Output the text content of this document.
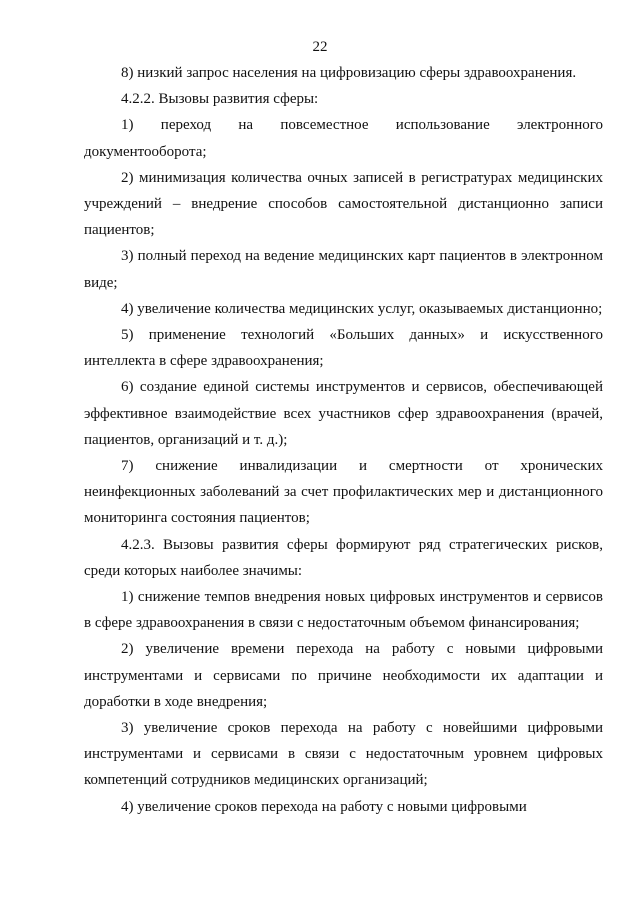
22

8) низкий запрос населения на цифровизацию сферы здравоохранения.

4.2.2. Вызовы развития сферы:

1) переход на повсеместное использование электронного документооборота;

2) минимизация количества очных записей в регистратурах медицинских учреждений – внедрение способов самостоятельной дистанционно записи пациентов;

3) полный переход на ведение медицинских карт пациентов в электронном виде;

4) увеличение количества медицинских услуг, оказываемых дистанционно;

5) применение технологий «Больших данных» и искусственного интеллекта в сфере здравоохранения;

6) создание единой системы инструментов и сервисов, обеспечивающей эффективное взаимодействие всех участников сфер здравоохранения (врачей, пациентов, организаций и т. д.);

7) снижение инвалидизации и смертности от хронических неинфекционных заболеваний за счет профилактических мер и дистанционного мониторинга состояния пациентов;

4.2.3. Вызовы развития сферы формируют ряд стратегических рисков, среди которых наиболее значимы:

1) снижение темпов внедрения новых цифровых инструментов и сервисов в сфере здравоохранения в связи с недостаточным объемом финансирования;

2) увеличение времени перехода на работу с новыми цифровыми инструментами и сервисами по причине необходимости их адаптации и доработки в ходе внедрения;

3) увеличение сроков перехода на работу с новейшими цифровыми инструментами и сервисами в связи с недостаточным уровнем цифровых компетенций сотрудников медицинских организаций;

4) увеличение сроков перехода на работу с новыми цифровыми
